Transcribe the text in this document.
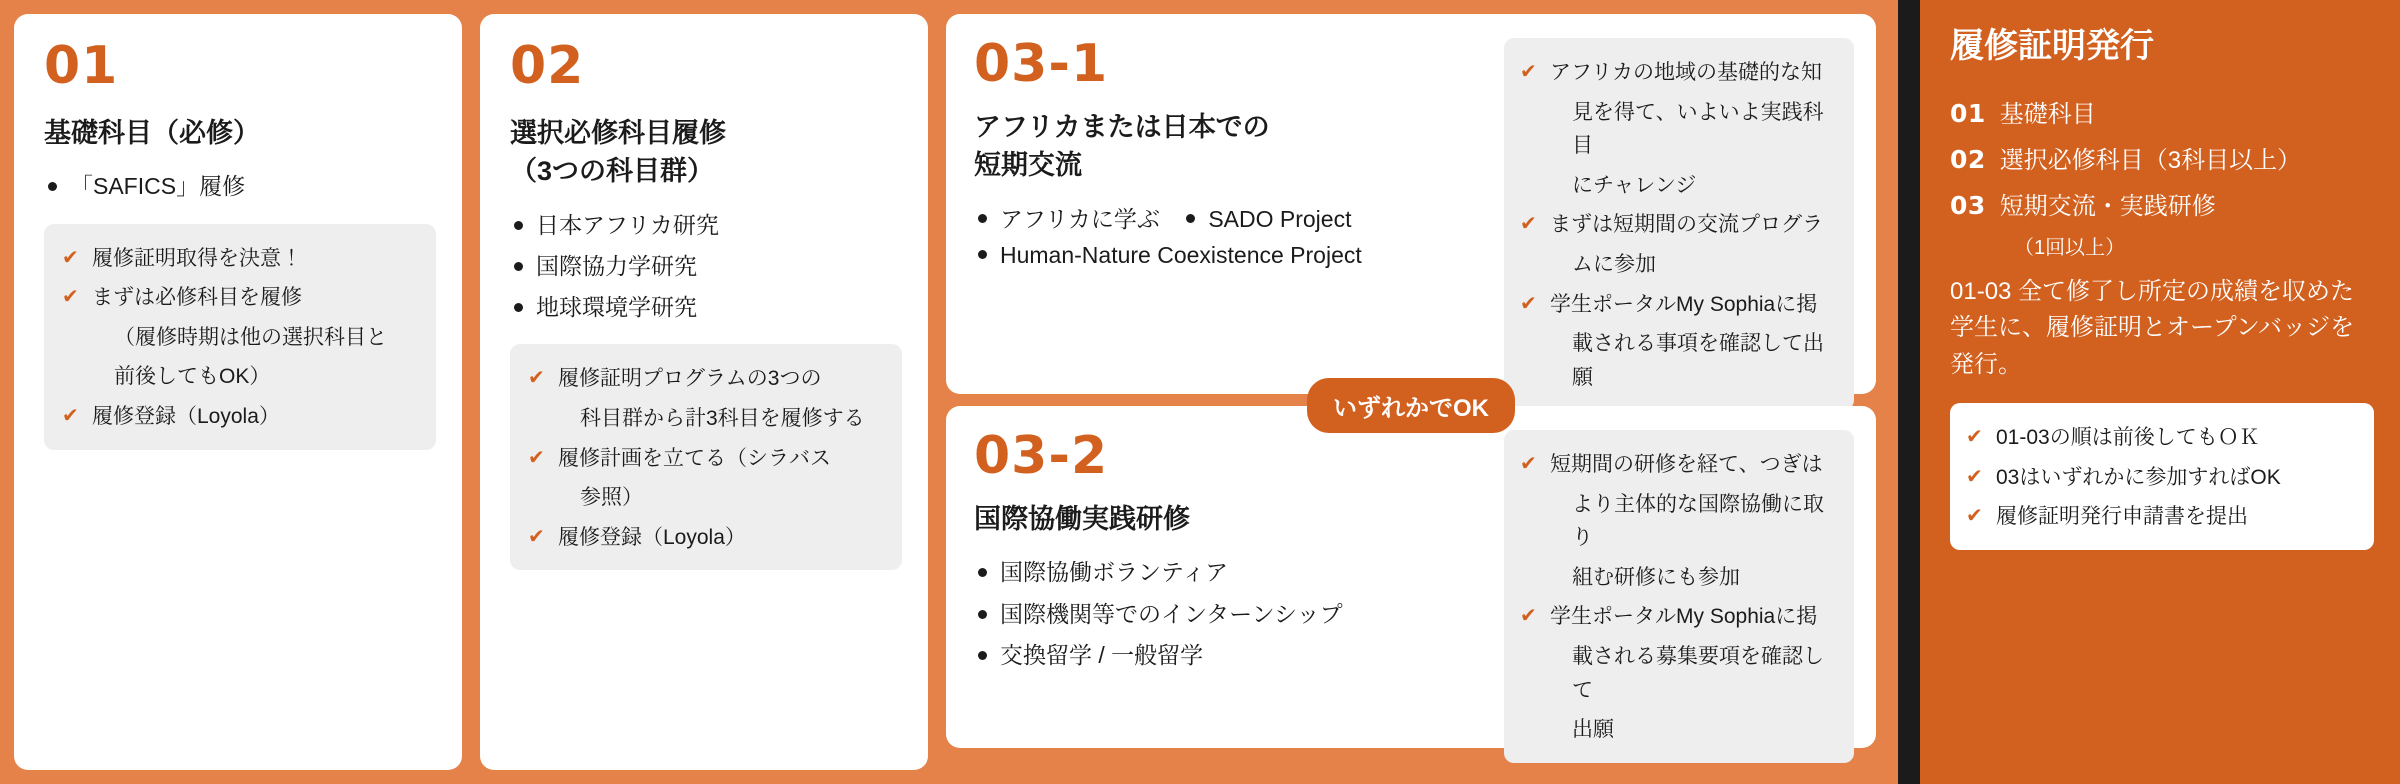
01
基礎科目（必修）
「SAFICS」履修
✔ 履修証明取得を決意！
✔ まずは必修科目を履修
（履修時期は他の選択科目と
前後してもOK）
✔ 履修登録（Loyola）
02
選択必修科目履修
（3つの科目群）
日本アフリカ研究
国際協力学研究
地球環境学研究
✔ 履修証明プログラムの3つの
科目群から計3科目を履修する
✔ 履修計画を立てる（シラバス
参照）
✔ 履修登録（Loyola）
03-1
アフリカまたは日本での
短期交流
アフリカに学ぶ SADO Project
Human-Nature Coexistence Project
✔ アフリカの地域の基礎的な知
見を得て、いよいよ実践科目
にチャレンジ
✔ まずは短期間の交流プログラ
ムに参加
✔ 学生ポータルMy Sophiaに掲
載される事項を確認して出願
いずれかでOK
03-2
国際協働実践研修
国際協働ボランティア
国際機関等でのインターンシップ
交換留学 / 一般留学
✔ 短期間の研修を経て、つぎは
より主体的な国際協働に取り
組む研修にも参加
✔ 学生ポータルMy Sophiaに掲
載される募集要項を確認して
出願
履修証明発行
01 基礎科目
02 選択必修科目（3科目以上）
03 短期交流・実践研修
（1回以上）
01-03 全て修了し所定の成績を収めた学生に、履修証明とオープンバッジを発行。
✔ 01-03の順は前後してもＯＫ
✔ 03はいずれかに参加すればOK
✔ 履修証明発行申請書を提出
